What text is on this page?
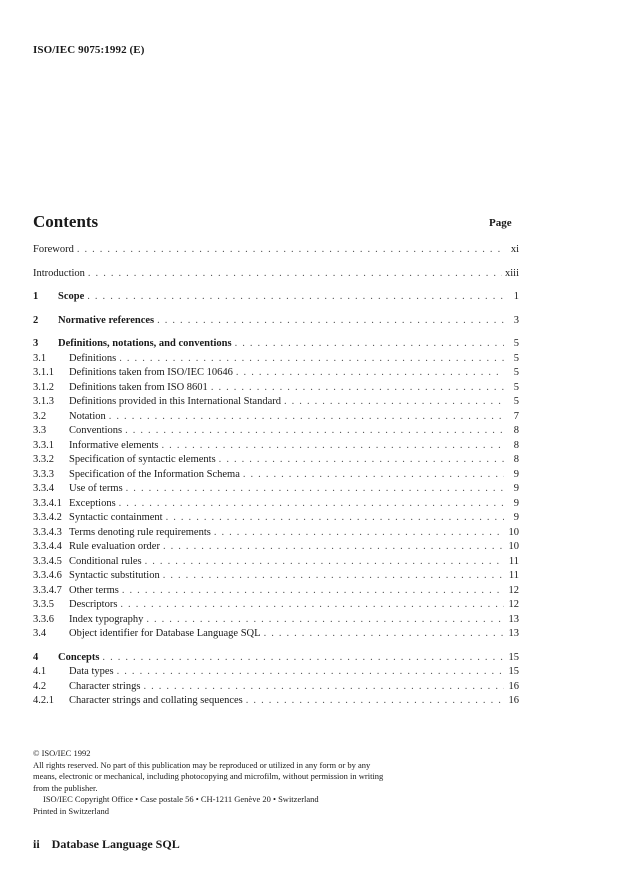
ISO/IEC 9075:1992 (E)
Contents	Page
Foreword . . .	xi
Introduction . . .	xiii
1	Scope . . .	1
2	Normative references . . .	3
3	Definitions, notations, and conventions . . .	5
3.1	Definitions . . .	5
3.1.1	Definitions taken from ISO/IEC 10646 . . .	5
3.1.2	Definitions taken from ISO 8601 . . .	5
3.1.3	Definitions provided in this International Standard . . .	5
3.2	Notation . . .	7
3.3	Conventions . . .	8
3.3.1	Informative elements . . .	8
3.3.2	Specification of syntactic elements . . .	8
3.3.3	Specification of the Information Schema . . .	9
3.3.4	Use of terms . . .	9
3.3.4.1 Exceptions . . .	9
3.3.4.2 Syntactic containment . . .	9
3.3.4.3 Terms denoting rule requirements . . .	10
3.3.4.4 Rule evaluation order . . .	10
3.3.4.5 Conditional rules . . .	11
3.3.4.6 Syntactic substitution . . .	11
3.3.4.7 Other terms . . .	12
3.3.5	Descriptors . . .	12
3.3.6	Index typography . . .	13
3.4	Object identifier for Database Language SQL . . .	13
4	Concepts . . .	15
4.1	Data types . . .	15
4.2	Character strings . . .	16
4.2.1	Character strings and collating sequences . . .	16

© ISO/IEC 1992

All rights reserved. No part of this publication may be reproduced or utilized in any form or by any means, electronic or mechanical, including photocopying and microfilm, without permission in writing from the publisher.

ISO/IEC Copyright Office • Case postale 56 • CH-1211 Genève 20 • Switzerland

Printed in Switzerland

ii Database Language SQL
